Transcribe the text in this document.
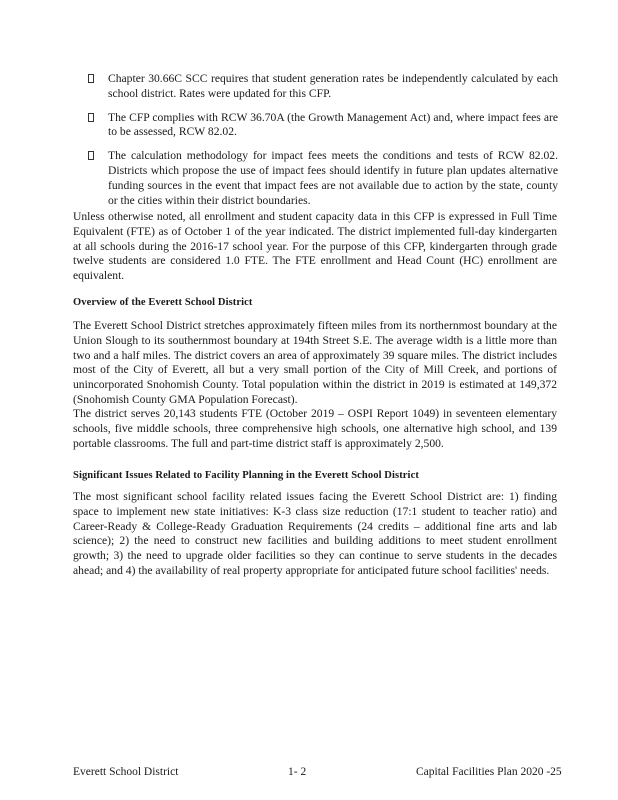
Chapter 30.66C SCC requires that student generation rates be independently calculated by each school district. Rates were updated for this CFP.

The CFP complies with RCW 36.70A (the Growth Management Act) and, where impact fees are to be assessed, RCW 82.02.

The calculation methodology for impact fees meets the conditions and tests of RCW 82.02. Districts which propose the use of impact fees should identify in future plan updates alternative funding sources in the event that impact fees are not available due to action by the state, county or the cities within their district boundaries.

Unless otherwise noted, all enrollment and student capacity data in this CFP is expressed in Full Time Equivalent (FTE) as of October 1 of the year indicated. The district implemented full-day kindergarten at all schools during the 2016-17 school year. For the purpose of this CFP, kindergarten through grade twelve students are considered 1.0 FTE. The FTE enrollment and Head Count (HC) enrollment are equivalent.

Overview of the Everett School District

The Everett School District stretches approximately fifteen miles from its northernmost boundary at the Union Slough to its southernmost boundary at 194th Street S.E. The average width is a little more than two and a half miles. The district covers an area of approximately 39 square miles. The district includes most of the City of Everett, all but a very small portion of the City of Mill Creek, and portions of unincorporated Snohomish County. Total population within the district in 2019 is estimated at 149,372 (Snohomish County GMA Population Forecast).

The district serves 20,143 students FTE (October 2019 – OSPI Report 1049) in seventeen elementary schools, five middle schools, three comprehensive high schools, one alternative high school, and 139 portable classrooms. The full and part-time district staff is approximately 2,500.

Significant Issues Related to Facility Planning in the Everett School District

The most significant school facility related issues facing the Everett School District are: 1) finding space to implement new state initiatives: K-3 class size reduction (17:1 student to teacher ratio) and Career-Ready & College-Ready Graduation Requirements (24 credits – additional fine arts and lab science); 2) the need to construct new facilities and building additions to meet student enrollment growth; 3) the need to upgrade older facilities so they can continue to serve students in the decades ahead; and 4) the availability of real property appropriate for anticipated future school facilities' needs.

Everett School District	1- 2	Capital Facilities Plan 2020 -25
